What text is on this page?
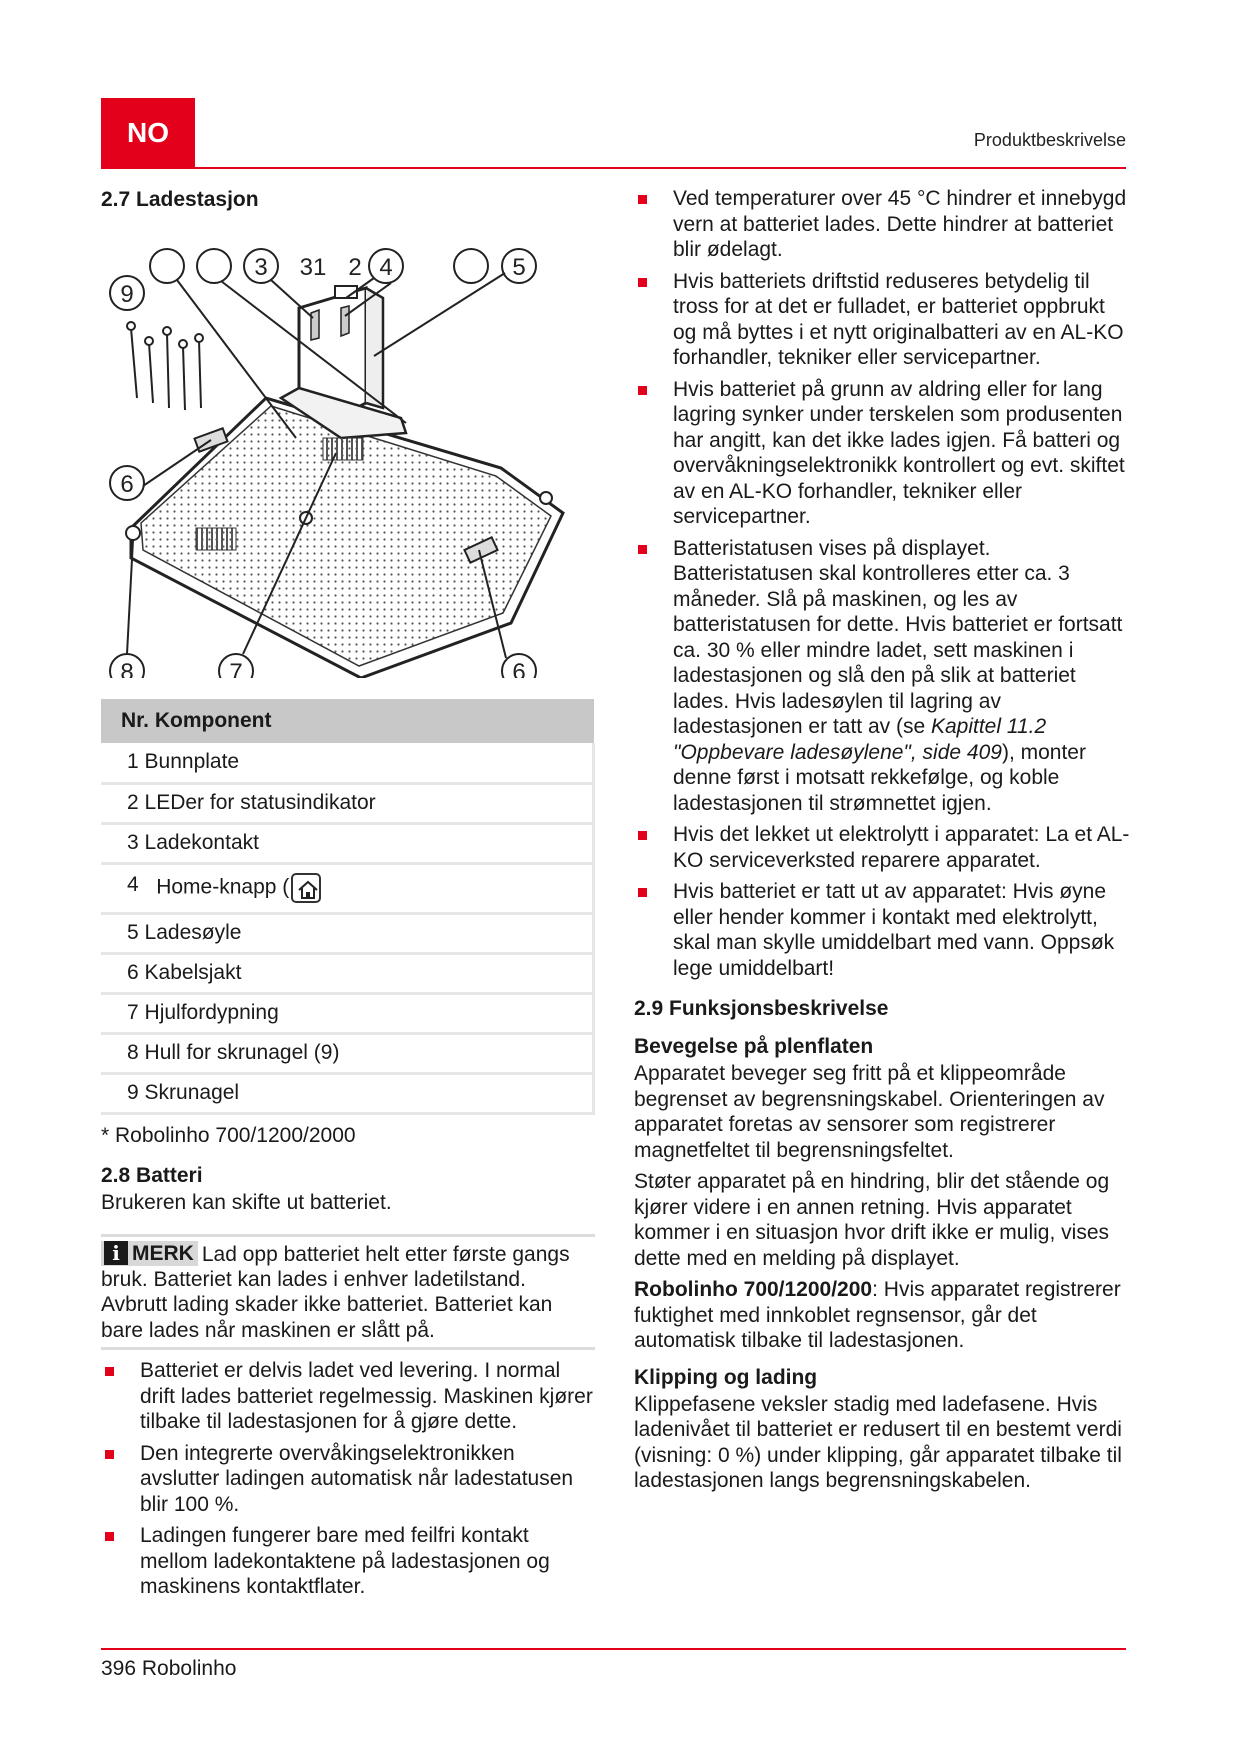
NO	Produktbeskrivelse
2.7 Ladestasjon
3 31 2 4	5
9
6
8	7	6
Nr. Komponent
1 Bunnplate
2 LEDer for statusindikator
3 Ladekontakt
4 Home-knapp (
5 Ladesøyle
6 Kabelsjakt
7 Hjulfordypning
8 Hull for skrunagel (9)
9 Skrunagel

* Robolinho 700/1200/2000

2.8 Batteri

Brukeren kan skifte ut batteriet.

i MERK Lad opp batteriet helt etter første gangs bruk. Batteriet kan lades i enhver ladetilstand. Avbrutt lading skader ikke batteriet. Batteriet kan bare lades når maskinen er slått på.

Batteriet er delvis ladet ved levering. I normal drift lades batteriet regelmessig. Maskinen kjører tilbake til ladestasjonen for å gjøre dette.
Den integrerte overvåkingselektronikken avslutter ladingen automatisk når ladestatusen blir 100 %.
Ladingen fungerer bare med feilfri kontakt mellom ladekontaktene på ladestasjonen og maskinens kontaktflater.
Ved temperaturer over 45 °C hindrer et innebygd vern at batteriet lades. Dette hindrer at batteriet blir ødelagt.
Hvis batteriets driftstid reduseres betydelig til tross for at det er fulladet, er batteriet oppbrukt og må byttes i et nytt originalbatteri av en AL-KO forhandler, tekniker eller servicepartner.
Hvis batteriet på grunn av aldring eller for lang lagring synker under terskelen som produsenten har angitt, kan det ikke lades igjen. Få batteri og overvåkningselektronikk kontrollert og evt. skiftet av en AL-KO forhandler, tekniker eller servicepartner.
Batteristatusen vises på displayet. Batteristatusen skal kontrolleres etter ca. 3 måneder. Slå på maskinen, og les av batteristatusen for dette. Hvis batteriet er fortsatt ca. 30 % eller mindre ladet, sett maskinen i ladestasjonen og slå den på slik at batteriet lades. Hvis ladesøylen til lagring av ladestasjonen er tatt av (se Kapittel 11.2 "Oppbevare ladesøylene", side 409), monter denne først i motsatt rekkefølge, og koble ladestasjonen til strømnettet igjen.
Hvis det lekket ut elektrolytt i apparatet: La et AL-KO serviceverksted reparere apparatet.
Hvis batteriet er tatt ut av apparatet: Hvis øyne eller hender kommer i kontakt med elektrolytt, skal man skylle umiddelbart med vann. Oppsøk lege umiddelbart!
2.9 Funksjonsbeskrivelse
Bevegelse på plenflaten

Apparatet beveger seg fritt på et klippeområde begrenset av begrensningskabel. Orienteringen av apparatet foretas av sensorer som registrerer magnetfeltet til begrensningsfeltet.

Støter apparatet på en hindring, blir det stående og kjører videre i en annen retning. Hvis apparatet kommer i en situasjon hvor drift ikke er mulig, vises dette med en melding på displayet.

Robolinho 700/1200/200: Hvis apparatet registrerer fuktighet med innkoblet regnsensor, går det automatisk tilbake til ladestasjonen.

Klipping og lading

Klippefasene veksler stadig med ladefasene. Hvis ladenivået til batteriet er redusert til en bestemt verdi (visning: 0 %) under klipping, går apparatet tilbake til ladestasjonen langs begrensningskabelen.

396 Robolinho
